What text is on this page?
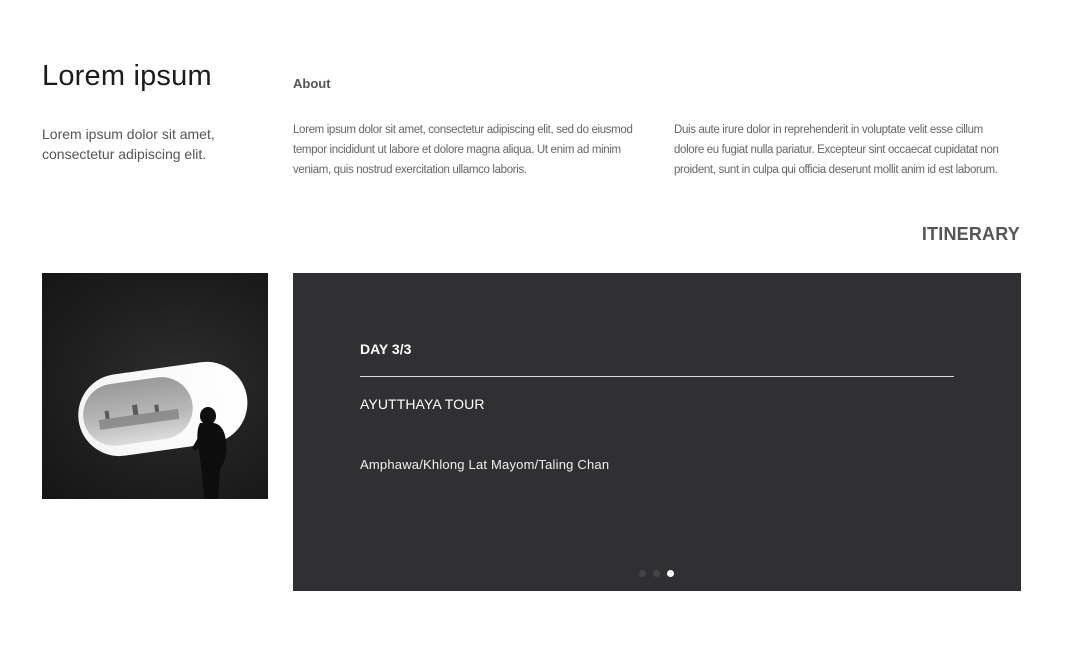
Lorem ipsum

Lorem ipsum dolor sit amet, consectetur adipiscing elit.

About

Lorem ipsum dolor sit amet, consectetur adipiscing elit, sed do eiusmod tempor incididunt ut labore et dolore magna aliqua. Ut enim ad minim veniam, quis nostrud exercitation ullamco laboris.

Duis aute irure dolor in reprehenderit in voluptate velit esse cillum dolore eu fugiat nulla pariatur. Excepteur sint occaecat cupidatat non proident, sunt in culpa qui officia deserunt mollit anim id est laborum.

ITINERARY
DAY 3/3
AYUTTHAYA TOUR
Amphawa/Khlong Lat Mayom/Taling Chan
